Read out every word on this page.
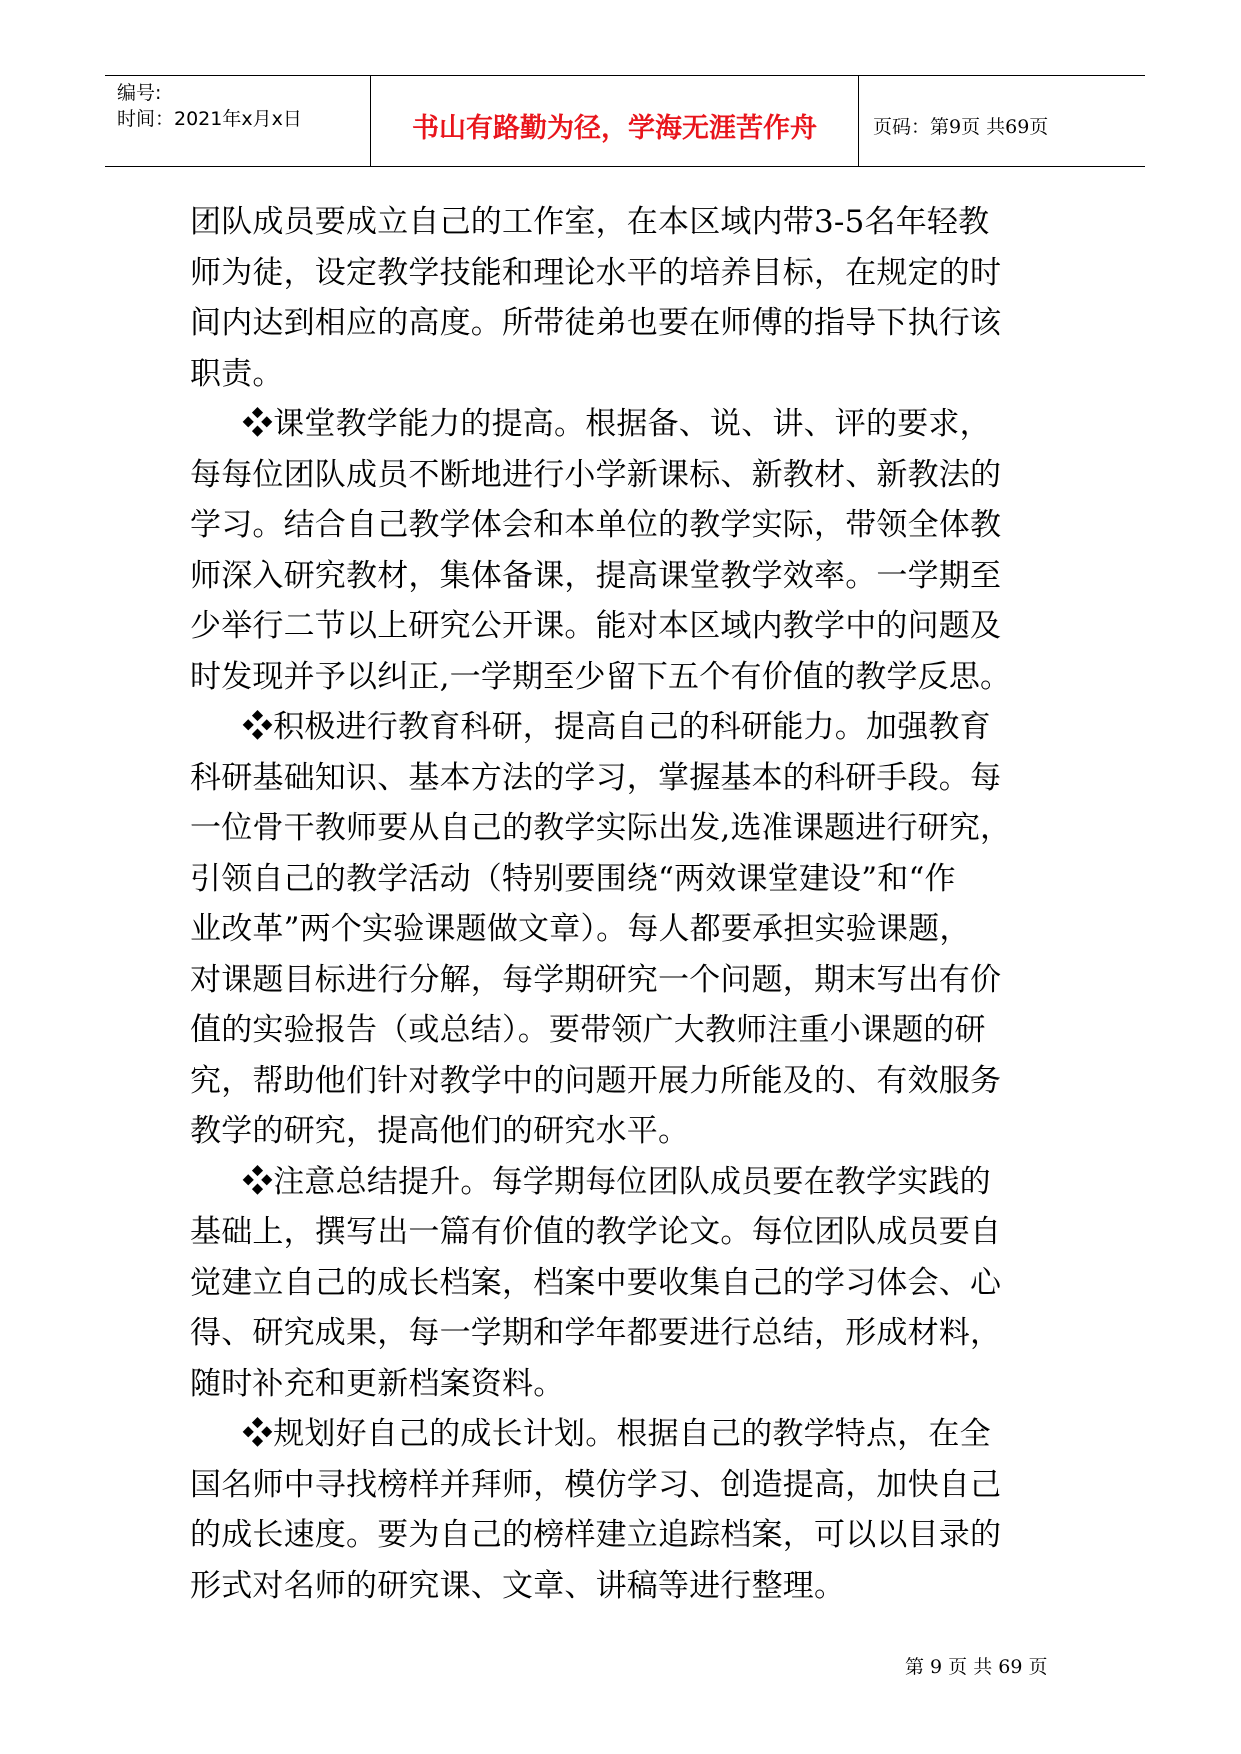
编号:
时间：2021年x月x日	书山有路勤为径，学海无涯苦作舟	页码：第9页 共69页
团队成员要成立自己的工作室，在本区域内带3-5名年轻教
师为徒，设定教学技能和理论水平的培养目标，在规定的时
间内达到相应的高度。所带徒弟也要在师傅的指导下执行该
职责。
❖课堂教学能力的提高。根据备、说、讲、评的要求，
每每位团队成员不断地进行小学新课标、新教材、新教法的
学习。结合自己教学体会和本单位的教学实际，带领全体教
师深入研究教材，集体备课，提高课堂教学效率。一学期至
少举行二节以上研究公开课。能对本区域内教学中的问题及
时发现并予以纠正,一学期至少留下五个有价值的教学反思。
❖积极进行教育科研，提高自己的科研能力。加强教育
科研基础知识、基本方法的学习，掌握基本的科研手段。每
一位骨干教师要从自己的教学实际出发,选准课题进行研究，
引领自己的教学活动（特别要围绕“两效课堂建设”和“作
业改革”两个实验课题做文章）。每人都要承担实验课题，
对课题目标进行分解，每学期研究一个问题，期末写出有价
值的实验报告（或总结）。要带领广大教师注重小课题的研
究，帮助他们针对教学中的问题开展力所能及的、有效服务
教学的研究，提高他们的研究水平。
❖注意总结提升。每学期每位团队成员要在教学实践的
基础上，撰写出一篇有价值的教学论文。每位团队成员要自
觉建立自己的成长档案，档案中要收集自己的学习体会、心
得、研究成果，每一学期和学年都要进行总结，形成材料，
随时补充和更新档案资料。
❖规划好自己的成长计划。根据自己的教学特点，在全
国名师中寻找榜样并拜师，模仿学习、创造提高，加快自己
的成长速度。要为自己的榜样建立追踪档案，可以以目录的
形式对名师的研究课、文章、讲稿等进行整理。
第 9 页 共 69 页
